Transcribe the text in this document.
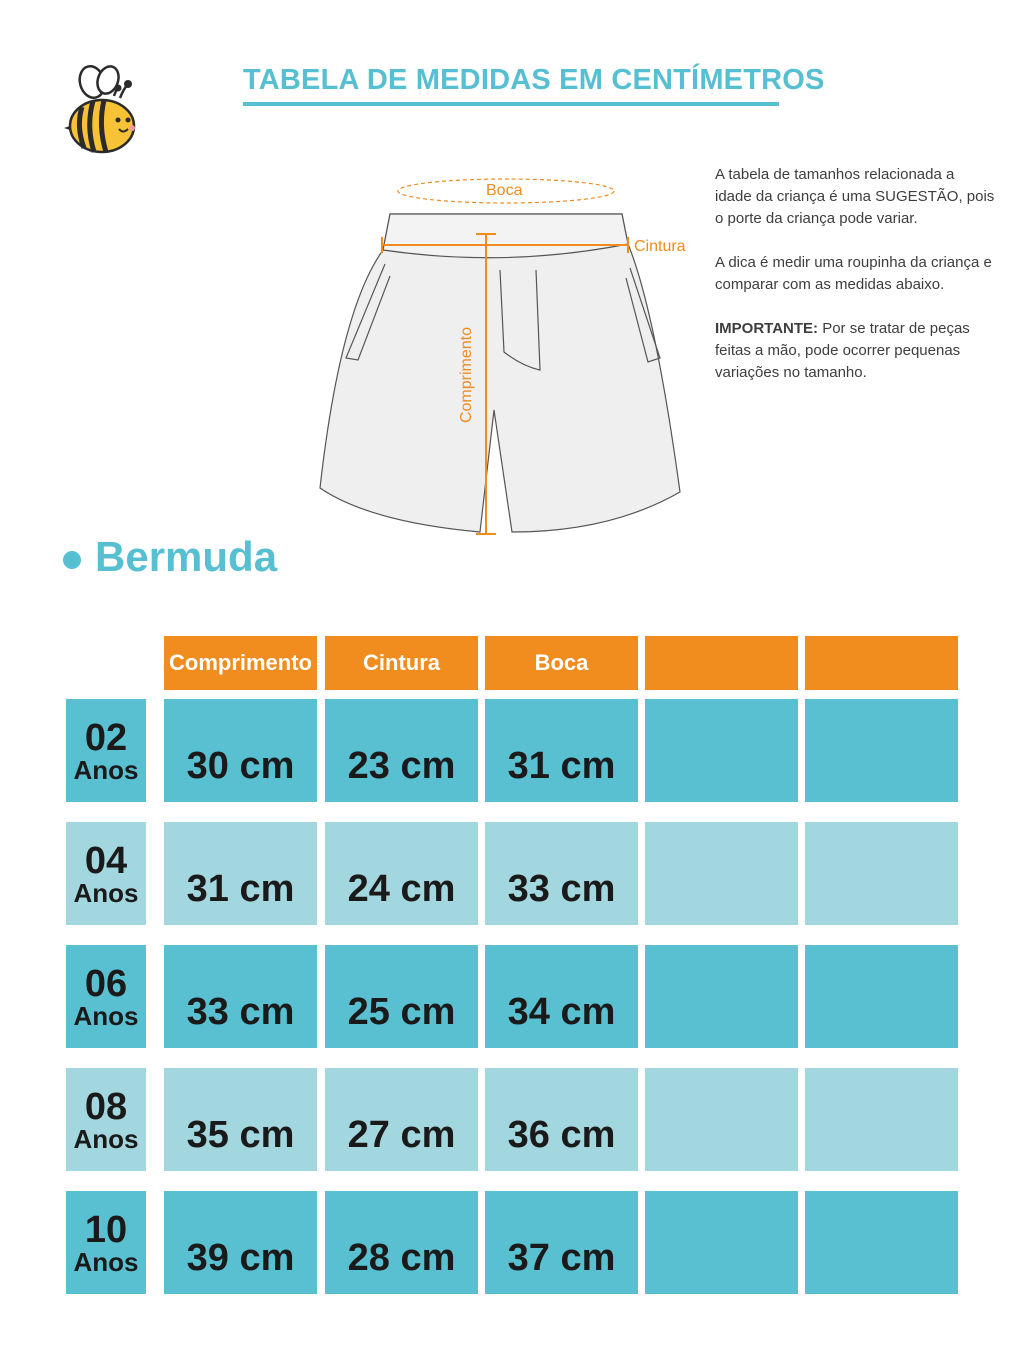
TABELA DE MEDIDAS EM CENTÍMETROS
Boca
Cintura
Comprimento

A tabela de tamanhos relacionada a idade da criança é uma SUGESTÃO, pois o porte da criança pode variar.

A dica é medir uma roupinha da criança e comparar com as medidas abaixo.

IMPORTANTE: Por se tratar de peças feitas a mão, pode ocorrer pequenas variações no tamanho.

Bermuda
Comprimento	Cintura	Boca
02
Anos	30 cm	23 cm	31 cm
04
Anos	31 cm	24 cm	33 cm
06
Anos	33 cm	25 cm	34 cm
08
Anos	35 cm	27 cm	36 cm
10
Anos	39 cm	28 cm	37 cm
